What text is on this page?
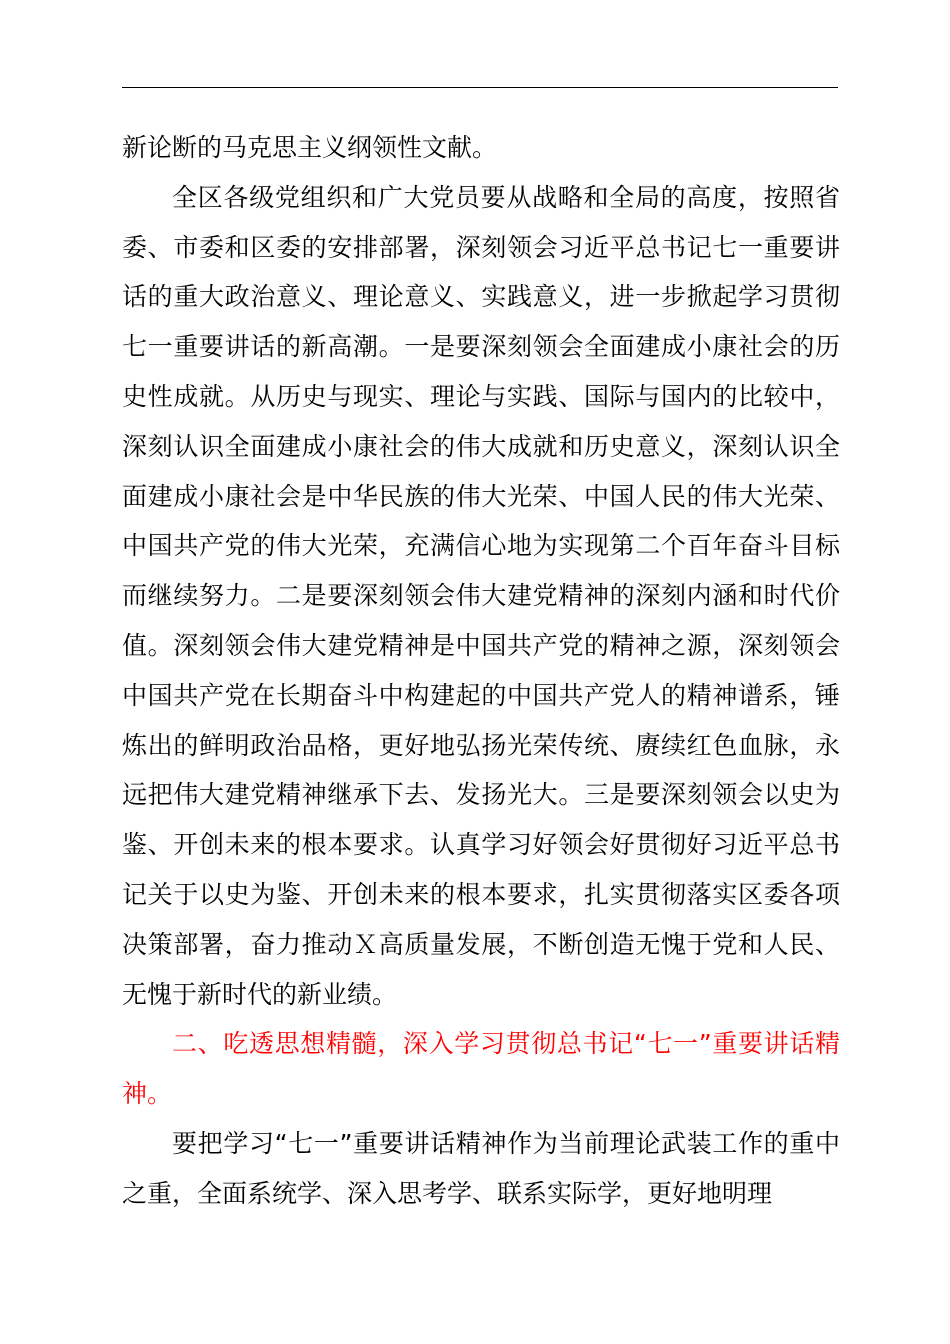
新论断的马克思主义纲领性文献。

全区各级党组织和广大党员要从战略和全局的高度，按照省委、市委和区委的安排部署，深刻领会习近平总书记七一重要讲话的重大政治意义、理论意义、实践意义，进一步掀起学习贯彻七一重要讲话的新高潮。一是要深刻领会全面建成小康社会的历史性成就。从历史与现实、理论与实践、国际与国内的比较中，深刻认识全面建成小康社会的伟大成就和历史意义，深刻认识全面建成小康社会是中华民族的伟大光荣、中国人民的伟大光荣、中国共产党的伟大光荣，充满信心地为实现第二个百年奋斗目标而继续努力。二是要深刻领会伟大建党精神的深刻内涵和时代价值。深刻领会伟大建党精神是中国共产党的精神之源，深刻领会中国共产党在长期奋斗中构建起的中国共产党人的精神谱系，锤炼出的鲜明政治品格，更好地弘扬光荣传统、赓续红色血脉，永远把伟大建党精神继承下去、发扬光大。三是要深刻领会以史为鉴、开创未来的根本要求。认真学习好领会好贯彻好习近平总书记关于以史为鉴、开创未来的根本要求，扎实贯彻落实区委各项决策部署，奋力推动Ｘ高质量发展，不断创造无愧于党和人民、无愧于新时代的新业绩。

二、吃透思想精髓，深入学习贯彻总书记“七一”重要讲话精神。

要把学习“七一”重要讲话精神作为当前理论武装工作的重中之重，全面系统学、深入思考学、联系实际学，更好地明理
